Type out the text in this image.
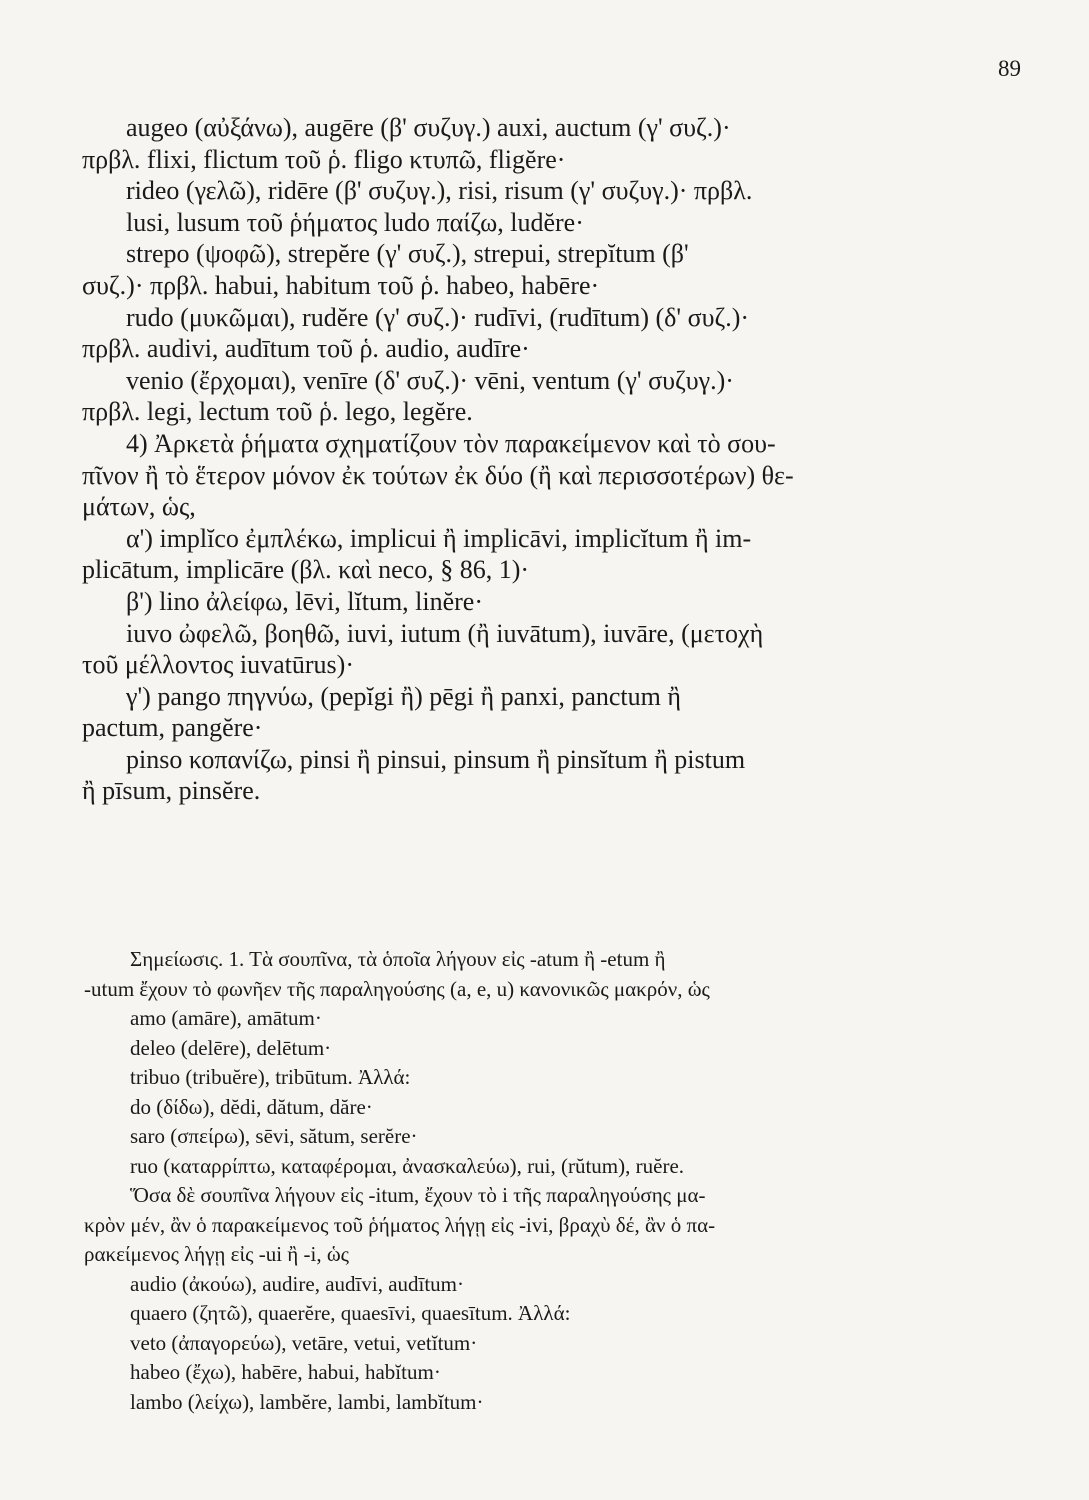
89
augeo (αὐξάνω), augēre (β' συζυγ.) auxi, auctum (γ' συζ.)·
πρβλ. flixi, flictum τοῦ ῥ. fligo κτυπῶ, fligĕre·
rideo (γελῶ), ridēre (β' συζυγ.), risi, risum (γ' συζυγ.)· πρβλ.
lusi, lusum τοῦ ῥήματος ludo παίζω, ludĕre·
strepo (ψοφῶ), strepĕre (γ' συζ.), strepui, strepĭtum (β'
συζ.)· πρβλ. habui, habitum τοῦ ῥ. habeo, habēre·
rudo (μυκῶμαι), rudĕre (γ' συζ.)· rudīvi, (rudītum) (δ' συζ.)·
πρβλ. audivi, audītum τοῦ ῥ. audio, audīre·
venio (ἔρχομαι), venīre (δ' συζ.)· vēni, ventum (γ' συζυγ.)·
πρβλ. legi, lectum τοῦ ῥ. lego, legĕre.
4) Ἀρκετὰ ῥήματα σχηματίζουν τὸν παρακείμενον καὶ τὸ σου-
πῖνον ἢ τὸ ἕτερον μόνον ἐκ τούτων ἐκ δύο (ἢ καὶ περισσοτέρων) θε-
μάτων, ὡς,
α') implĭco ἐμπλέκω, implicui ἢ implicāvi, implicĭtum ἢ im-
plicātum, implicāre (βλ. καὶ neco, § 86, 1)·
β') lino ἀλείφω, lēvi, lĭtum, linĕre·
iuvo ὠφελῶ, βοηθῶ, iuvi, iutum (ἢ iuvātum), iuvāre, (μετοχὴ
τοῦ μέλλοντος iuvatūrus)·
γ') pango πηγνύω, (pepĭgi ἢ) pēgi ἢ panxi, panctum ἢ
pactum, pangĕre·
pinso κοπανίζω, pinsi ἢ pinsui, pinsum ἢ pinsĭtum ἢ pistum
ἢ pīsum, pinsĕre.
Σημείωσις. 1. Τὰ σουπῖνα, τὰ ὁποῖα λήγουν εἰς -atum ἢ -etum ἢ
-utum ἔχουν τὸ φωνῆεν τῆς παραληγούσης (a, e, u) κανονικῶς μακρόν, ὡς
amo (amāre), amātum·
deleo (delēre), delētum·
tribuo (tribuĕre), tribūtum. Ἀλλά:
do (δίδω), dĕdi, dătum, dăre·
saro (σπείρω), sēvi, sătum, serĕre·
ruo (καταρρίπτω, καταφέρομαι, ἀνασκαλεύω), rui, (rŭtum), ruĕre.
Ὅσα δὲ σουπῖνα λήγουν εἰς -itum, ἔχουν τὸ i τῆς παραληγούσης μα-
κρὸν μέν, ἂν ὁ παρακείμενος τοῦ ῥήματος λήγῃ εἰς -ivi, βραχὺ δέ, ἂν ὁ πα-
ρακείμενος λήγῃ εἰς -ui ἢ -i, ὡς
audio (ἀκούω), audire, audīvi, audītum·
quaero (ζητῶ), quaerĕre, quaesīvi, quaesītum. Ἀλλά:
veto (ἀπαγορεύω), vetāre, vetui, vetĭtum·
habeo (ἔχω), habēre, habui, habĭtum·
lambo (λείχω), lambĕre, lambi, lambĭtum·
